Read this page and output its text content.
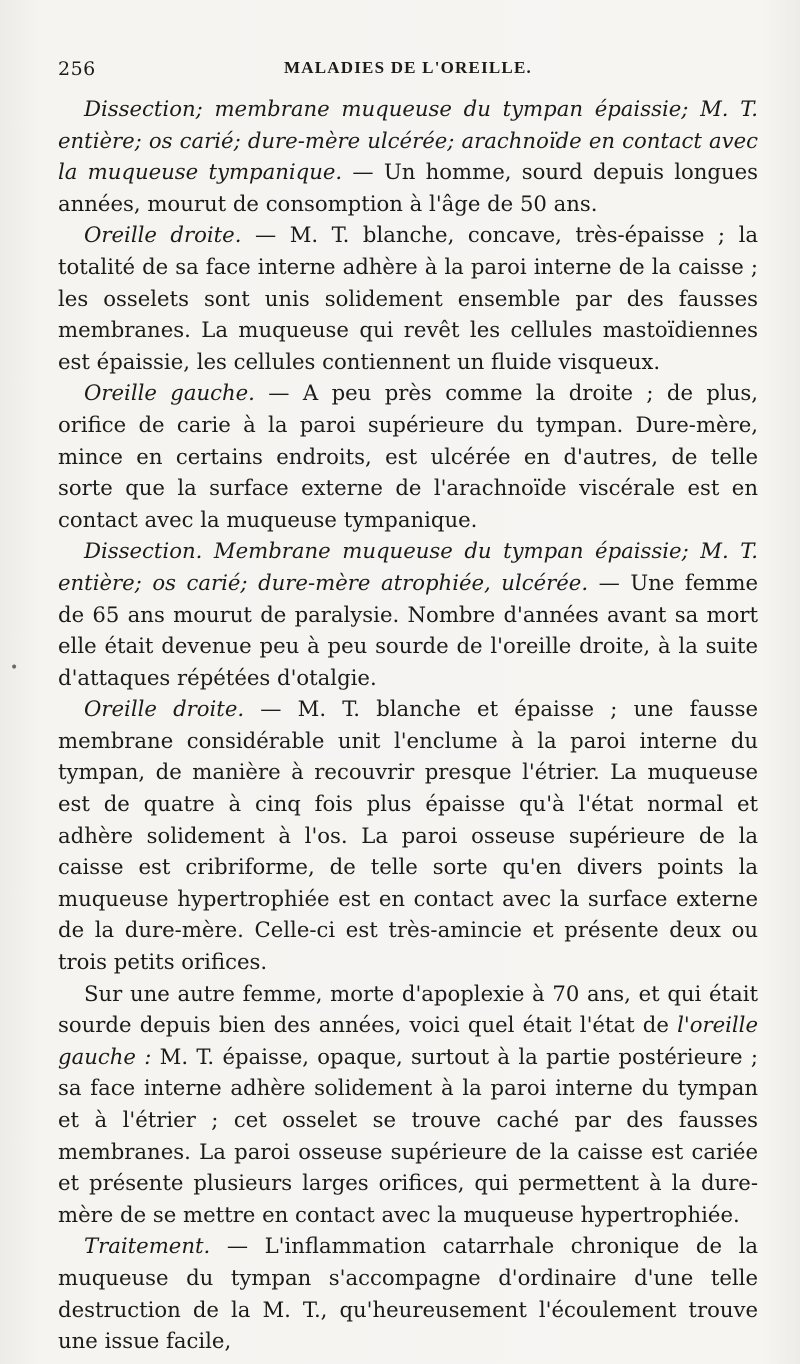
256	MALADIES DE L'OREILLE.
•

Dissection; membrane muqueuse du tympan épaissie; M. T. entière; os carié; dure-mère ulcérée; arachnoïde en contact avec la muqueuse tympanique. — Un homme, sourd depuis longues années, mourut de consomption à l'âge de 50 ans.

Oreille droite. — M. T. blanche, concave, très-épaisse ; la totalité de sa face interne adhère à la paroi interne de la caisse ; les osselets sont unis solidement ensemble par des fausses membranes. La muqueuse qui revêt les cellules mastoïdiennes est épaissie, les cellules contiennent un fluide visqueux.

Oreille gauche. — A peu près comme la droite ; de plus, orifice de carie à la paroi supérieure du tympan. Dure-mère, mince en certains endroits, est ulcérée en d'autres, de telle sorte que la surface externe de l'arachnoïde viscérale est en contact avec la muqueuse tympanique.

Dissection. Membrane muqueuse du tympan épaissie; M. T. entière; os carié; dure-mère atrophiée, ulcérée. — Une femme de 65 ans mourut de paralysie. Nombre d'années avant sa mort elle était devenue peu à peu sourde de l'oreille droite, à la suite d'attaques répétées d'otalgie.

Oreille droite. — M. T. blanche et épaisse ; une fausse membrane considérable unit l'enclume à la paroi interne du tympan, de manière à recouvrir presque l'étrier. La muqueuse est de quatre à cinq fois plus épaisse qu'à l'état normal et adhère solidement à l'os. La paroi osseuse supérieure de la caisse est cribriforme, de telle sorte qu'en divers points la muqueuse hypertrophiée est en contact avec la surface externe de la dure-mère. Celle-ci est très-amincie et présente deux ou trois petits orifices.

Sur une autre femme, morte d'apoplexie à 70 ans, et qui était sourde depuis bien des années, voici quel était l'état de l'oreille gauche : M. T. épaisse, opaque, surtout à la partie postérieure ; sa face interne adhère solidement à la paroi interne du tympan et à l'étrier ; cet osselet se trouve caché par des fausses membranes. La paroi osseuse supérieure de la caisse est cariée et présente plusieurs larges orifices, qui permettent à la dure-mère de se mettre en contact avec la muqueuse hypertrophiée.

Traitement. — L'inflammation catarrhale chronique de la muqueuse du tympan s'accompagne d'ordinaire d'une telle destruction de la M. T., qu'heureusement l'écoulement trouve une issue facile,
